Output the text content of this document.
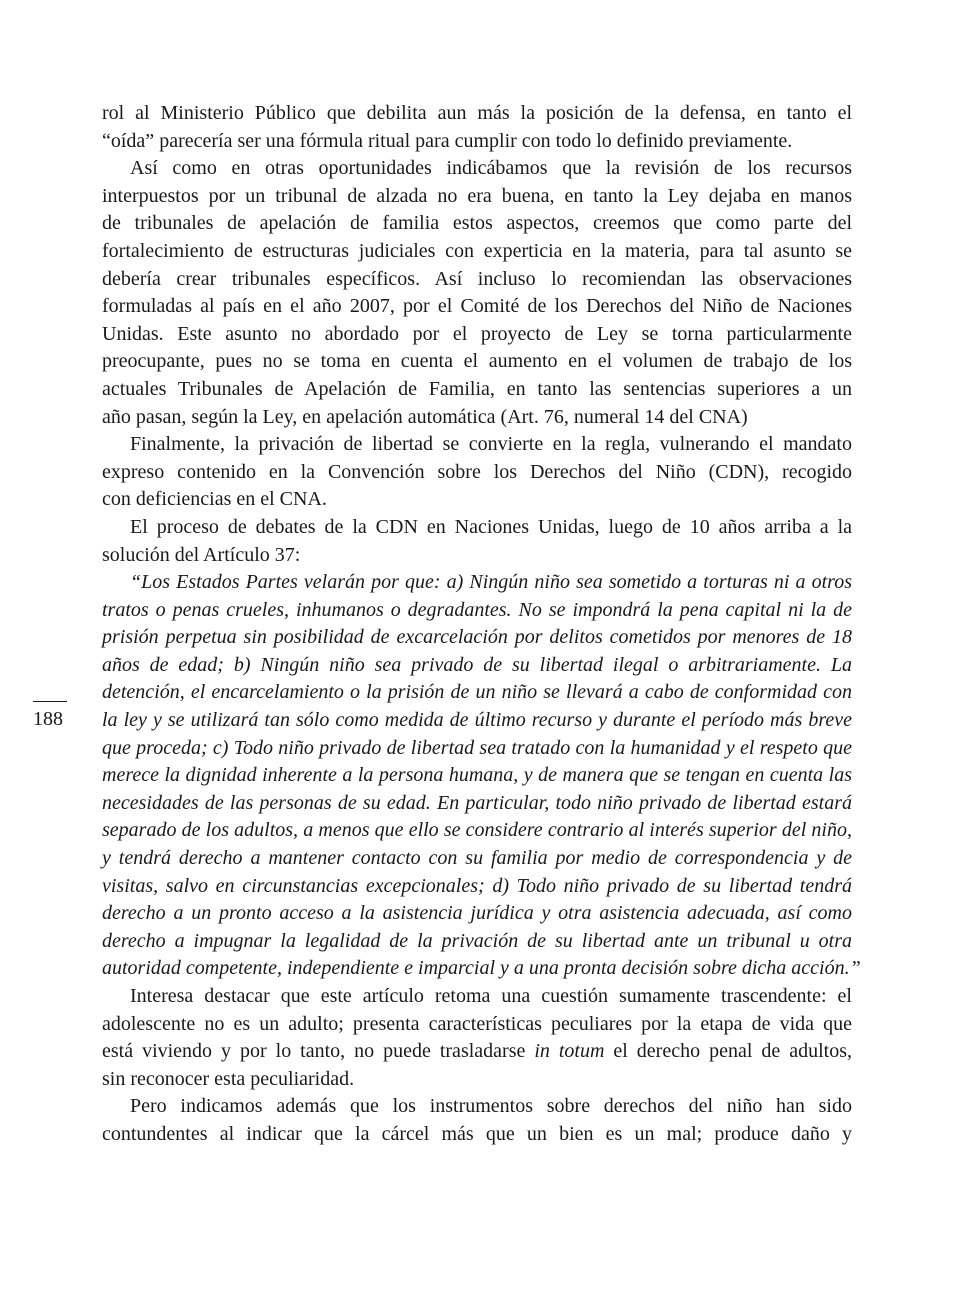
188
rol al Ministerio Público que debilita aun más la posición de la defensa, en tanto el
“oída” parecería ser una fórmula ritual para cumplir con todo lo definido previamente.
Así como en otras oportunidades indicábamos que la revisión de los recursos
interpuestos por un tribunal de alzada no era buena, en tanto la Ley dejaba en manos
de tribunales de apelación de familia estos aspectos, creemos que como parte del
fortalecimiento de estructuras judiciales con experticia en la materia, para tal asunto se
debería crear tribunales específicos. Así incluso lo recomiendan las observaciones
formuladas al país en el año 2007, por el Comité de los Derechos del Niño de Naciones
Unidas. Este asunto no abordado por el proyecto de Ley se torna particularmente
preocupante, pues no se toma en cuenta el aumento en el volumen de trabajo de los
actuales Tribunales de Apelación de Familia, en tanto las sentencias superiores a un
año pasan, según la Ley, en apelación automática (Art. 76, numeral 14 del CNA)
Finalmente, la privación de libertad se convierte en la regla, vulnerando el mandato
expreso contenido en la Convención sobre los Derechos del Niño (CDN), recogido
con deficiencias en el CNA.
El proceso de debates de la CDN en Naciones Unidas, luego de 10 años arriba a la
solución del Artículo 37:
“Los Estados Partes velarán por que: a) Ningún niño sea sometido a torturas ni a otros
tratos o penas crueles, inhumanos o degradantes. No se impondrá la pena capital ni la de
prisión perpetua sin posibilidad de excarcelación por delitos cometidos por menores de 18
años de edad; b) Ningún niño sea privado de su libertad ilegal o arbitrariamente. La
detención, el encarcelamiento o la prisión de un niño se llevará a cabo de conformidad con
la ley y se utilizará tan sólo como medida de último recurso y durante el período más breve
que proceda; c) Todo niño privado de libertad sea tratado con la humanidad y el respeto que
merece la dignidad inherente a la persona humana, y de manera que se tengan en cuenta las
necesidades de las personas de su edad. En particular, todo niño privado de libertad estará
separado de los adultos, a menos que ello se considere contrario al interés superior del niño,
y tendrá derecho a mantener contacto con su familia por medio de correspondencia y de
visitas, salvo en circunstancias excepcionales; d) Todo niño privado de su libertad tendrá
derecho a un pronto acceso a la asistencia jurídica y otra asistencia adecuada, así como
derecho a impugnar la legalidad de la privación de su libertad ante un tribunal u otra
autoridad competente, independiente e imparcial y a una pronta decisión sobre dicha acción.”
Interesa destacar que este artículo retoma una cuestión sumamente trascendente: el
adolescente no es un adulto; presenta características peculiares por la etapa de vida que
está viviendo y por lo tanto, no puede trasladarse in totum el derecho penal de adultos,
sin reconocer esta peculiaridad.
Pero indicamos además que los instrumentos sobre derechos del niño han sido
contundentes al indicar que la cárcel más que un bien es un mal; produce daño y
